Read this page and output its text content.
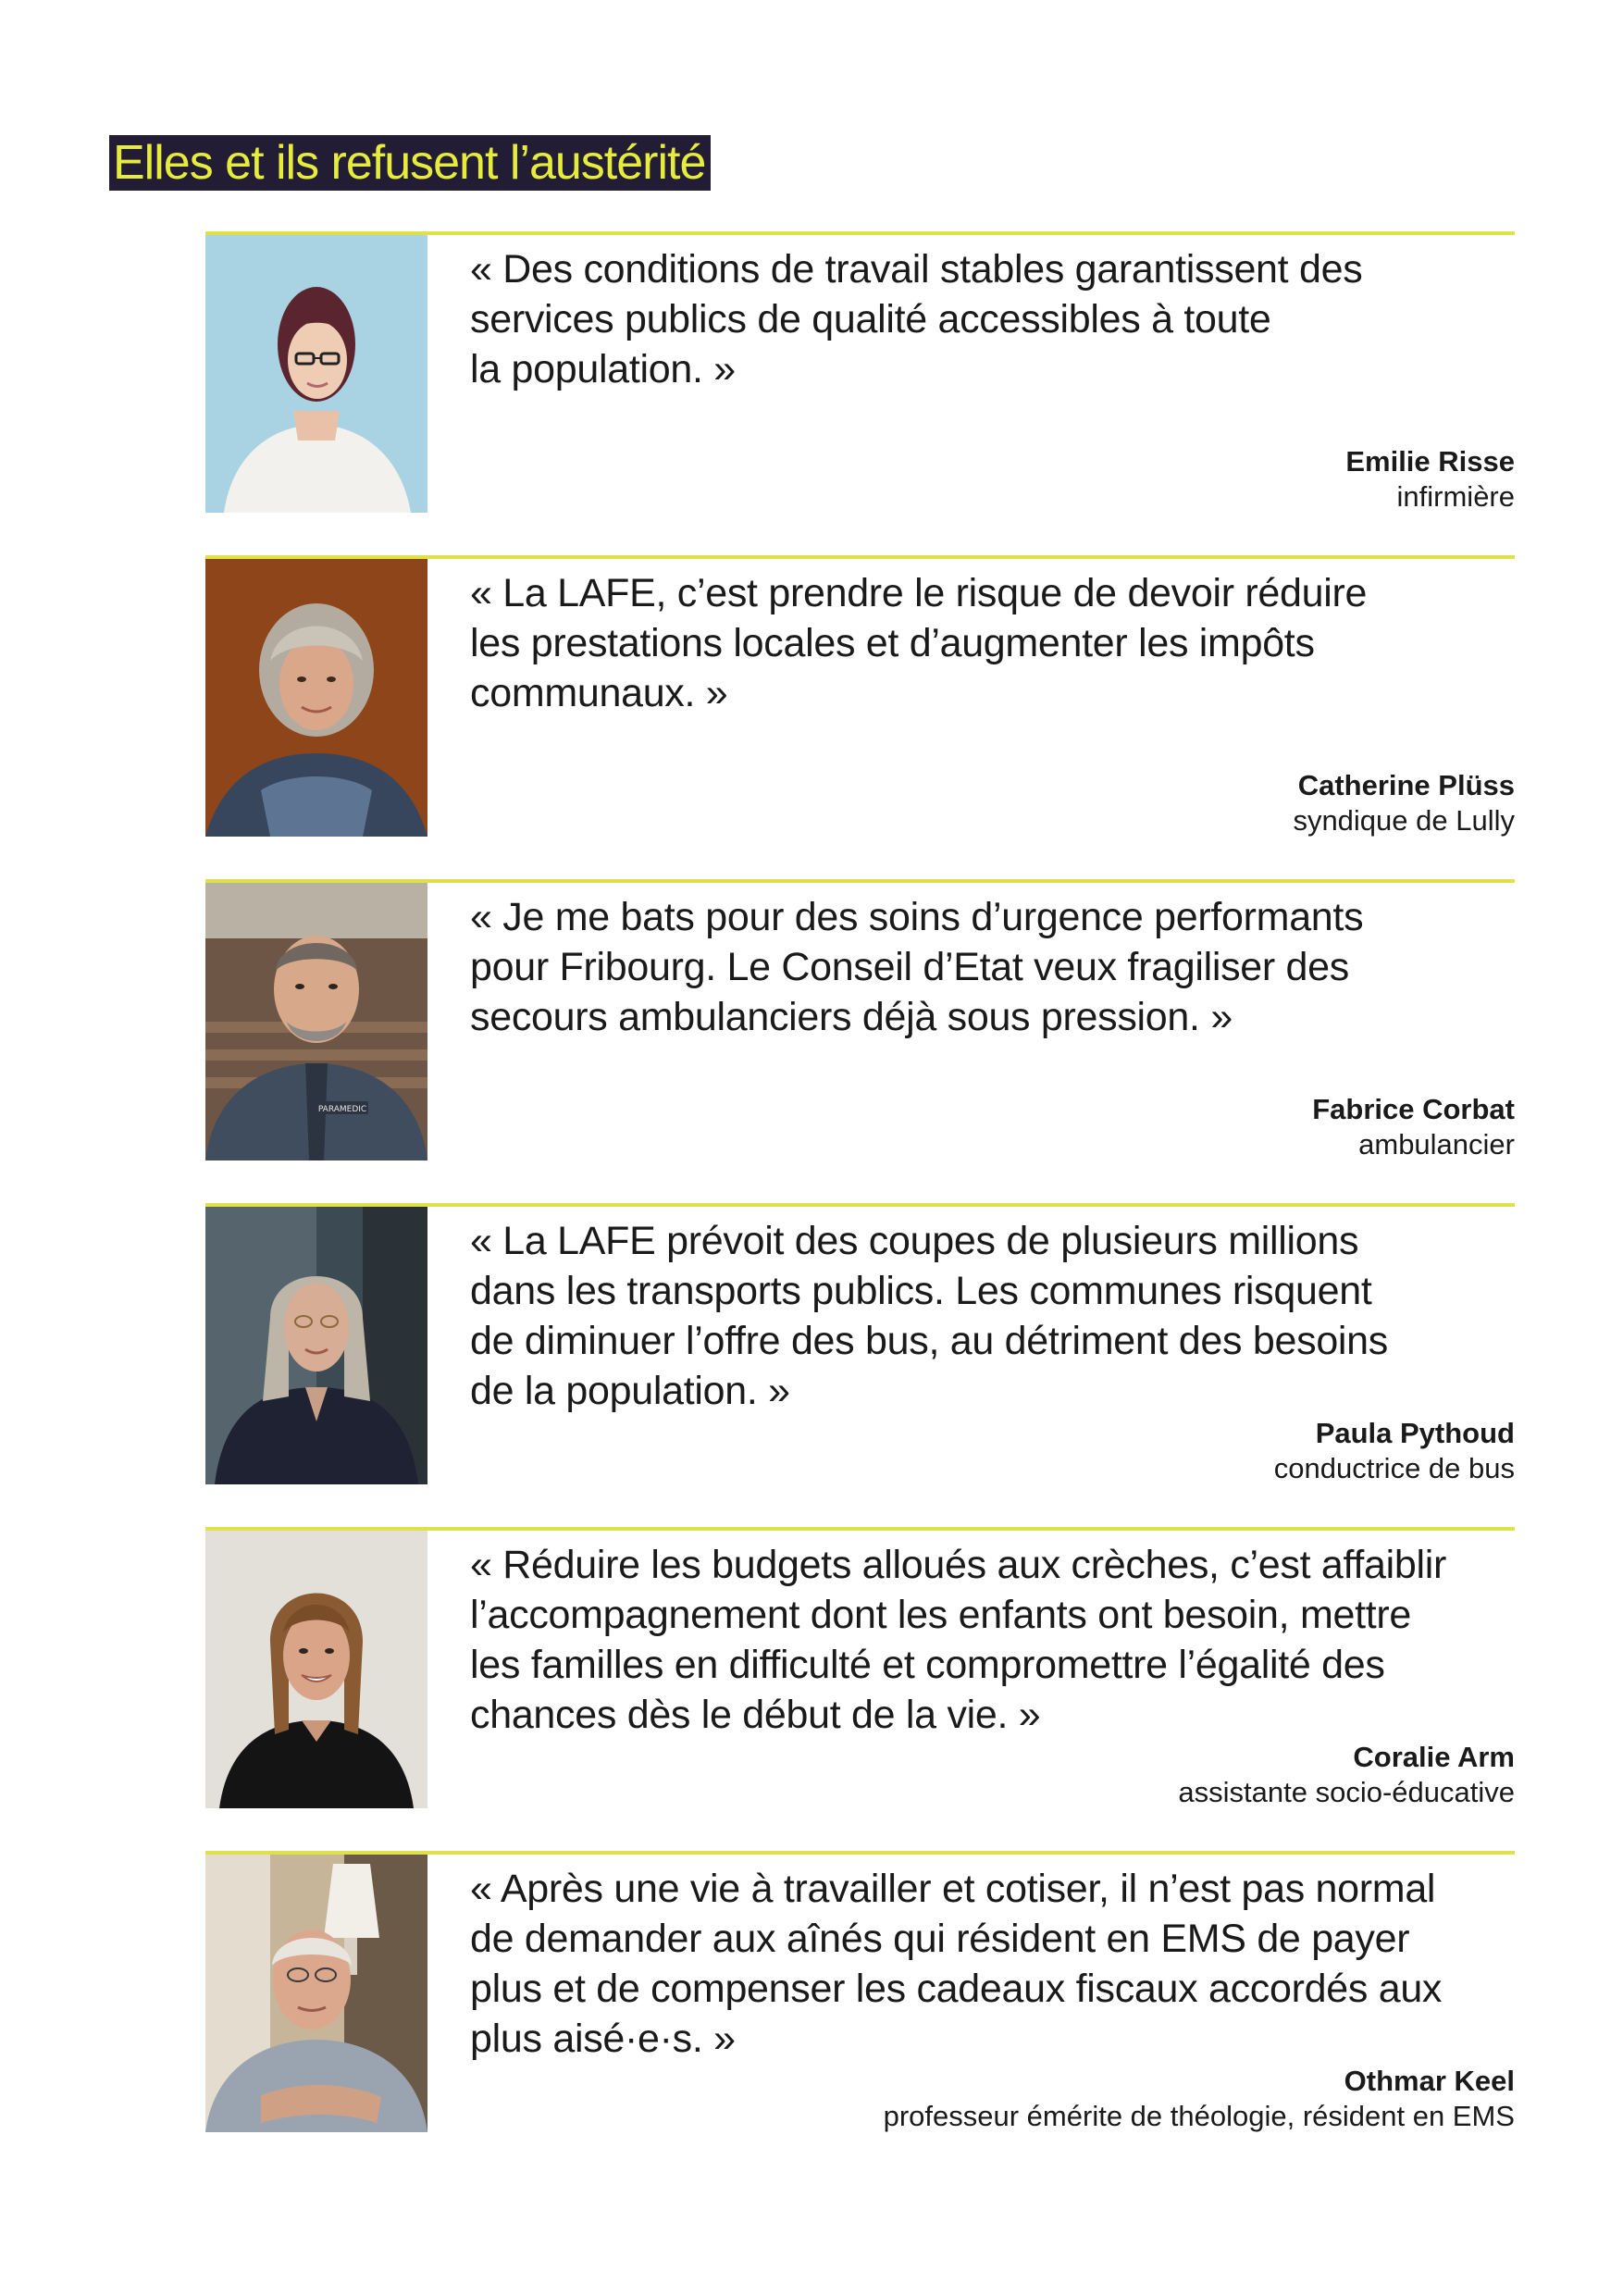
Elles et ils refusent l’austérité
« Des conditions de travail stables garantissent des
services publics de qualité accessibles à toute
la population. »
Emilie Risse
infirmière
« La LAFE, c’est prendre le risque de devoir réduire
les prestations locales et d’augmenter les impôts
communaux. »
Catherine Plüss
syndique de Lully
PARAMEDIC
« Je me bats pour des soins d’urgence performants
pour Fribourg. Le Conseil d’Etat veux fragiliser des
secours ambulanciers déjà sous pression. »
Fabrice Corbat
ambulancier
« La LAFE prévoit des coupes de plusieurs millions
dans les transports publics. Les communes risquent
de diminuer l’offre des bus, au détriment des besoins
de la population. »
Paula Pythoud
conductrice de bus
« Réduire les budgets alloués aux crèches, c’est affaiblir
l’accompagnement dont les enfants ont besoin, mettre
les familles en difficulté et compromettre l’égalité des
chances dès le début de la vie. »
Coralie Arm
assistante socio-éducative
« Après une vie à travailler et cotiser, il n’est pas normal
de demander aux aînés qui résident en EMS de payer
plus et de compenser les cadeaux fiscaux accordés aux
plus aisé·e·s. »
Othmar Keel
professeur émérite de théologie, résident en EMS
